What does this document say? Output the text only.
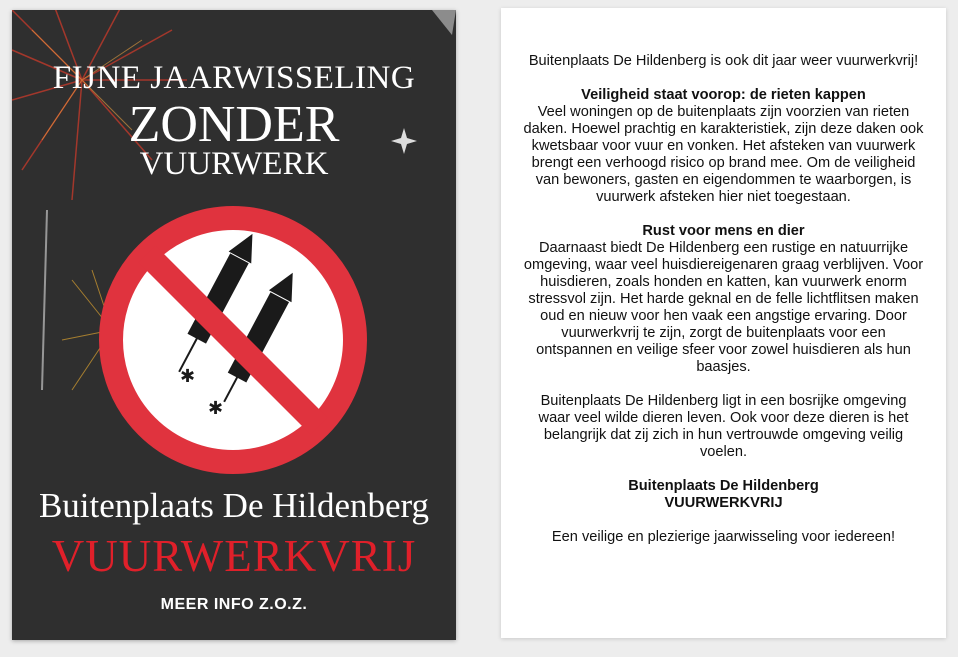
✱
✱
FIJNE JAARWISSELING
ZONDER
VUURWERK
Buitenplaats De Hildenberg
VUURWERKVRIJ
MEER INFO Z.O.Z.

Buitenplaats De Hildenberg is ook dit jaar weer vuurwerkvrij!

Veiligheid staat voorop: de rieten kappen
Veel woningen op de buitenplaats zijn voorzien van rieten daken. Hoewel prachtig en karakteristiek, zijn deze daken ook kwetsbaar voor vuur en vonken. Het afsteken van vuurwerk brengt een verhoogd risico op brand mee. Om de veiligheid van bewoners, gasten en eigendommen te waarborgen, is vuurwerk afsteken hier niet toegestaan.

Rust voor mens en dier
Daarnaast biedt De Hildenberg een rustige en natuurrijke omgeving, waar veel huisdiereigenaren graag verblijven. Voor huisdieren, zoals honden en katten, kan vuurwerk enorm stressvol zijn. Het harde geknal en de felle lichtflitsen maken oud en nieuw voor hen vaak een angstige ervaring. Door vuurwerkvrij te zijn, zorgt de buitenplaats voor een ontspannen en veilige sfeer voor zowel huisdieren als hun baasjes.

Buitenplaats De Hildenberg ligt in een bosrijke omgeving waar veel wilde dieren leven. Ook voor deze dieren is het belangrijk dat zij zich in hun vertrouwde omgeving veilig voelen.

Buitenplaats De Hildenberg
VUURWERKVRIJ

Een veilige en plezierige jaarwisseling voor iedereen!
